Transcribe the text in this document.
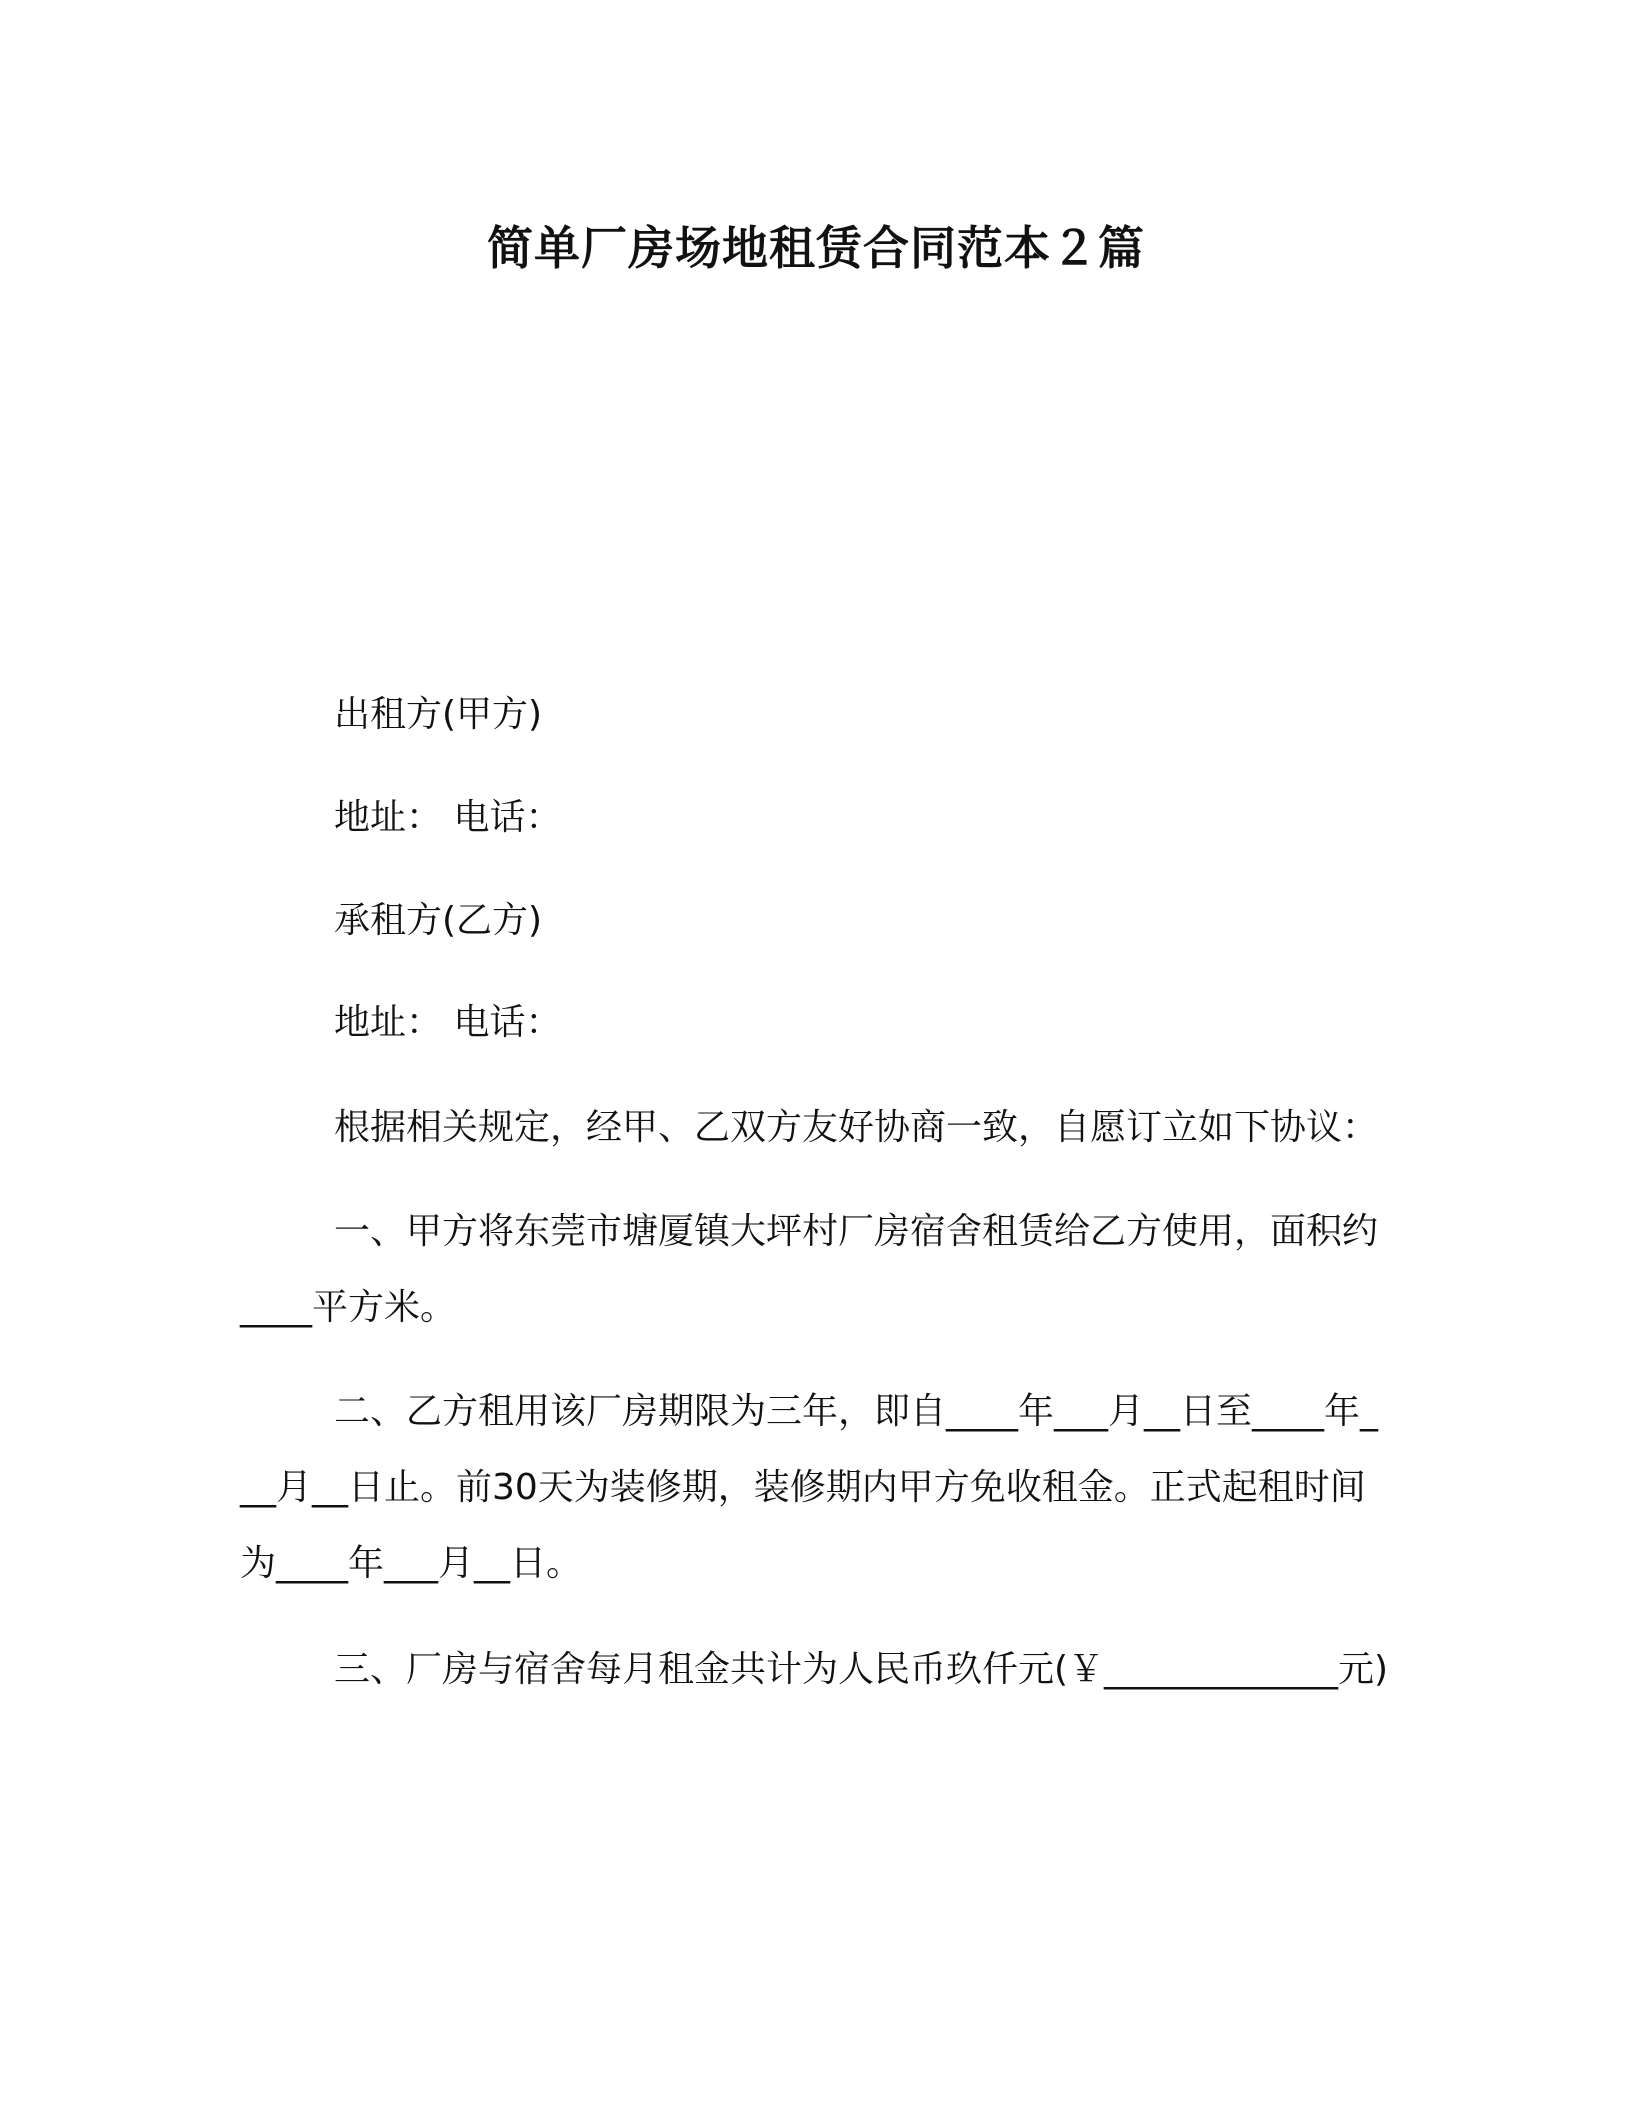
简单厂房场地租赁合同范本２篇
出租方(甲方)
地址： 电话：
承租方(乙方)
地址： 电话：
根据相关规定，经甲、乙双方友好协商一致，自愿订立如下协议：
一、甲方将东莞市塘厦镇大坪村厂房宿舍租赁给乙方使用，面积约____平方米。
二、乙方租用该厂房期限为三年，即自____年___月__日至____年___月__日止。前30天为装修期，装修期内甲方免收租金。正式起租时间为____年___月__日。
三、厂房与宿舍每月租金共计为人民币玖仟元(￥_____________元)
